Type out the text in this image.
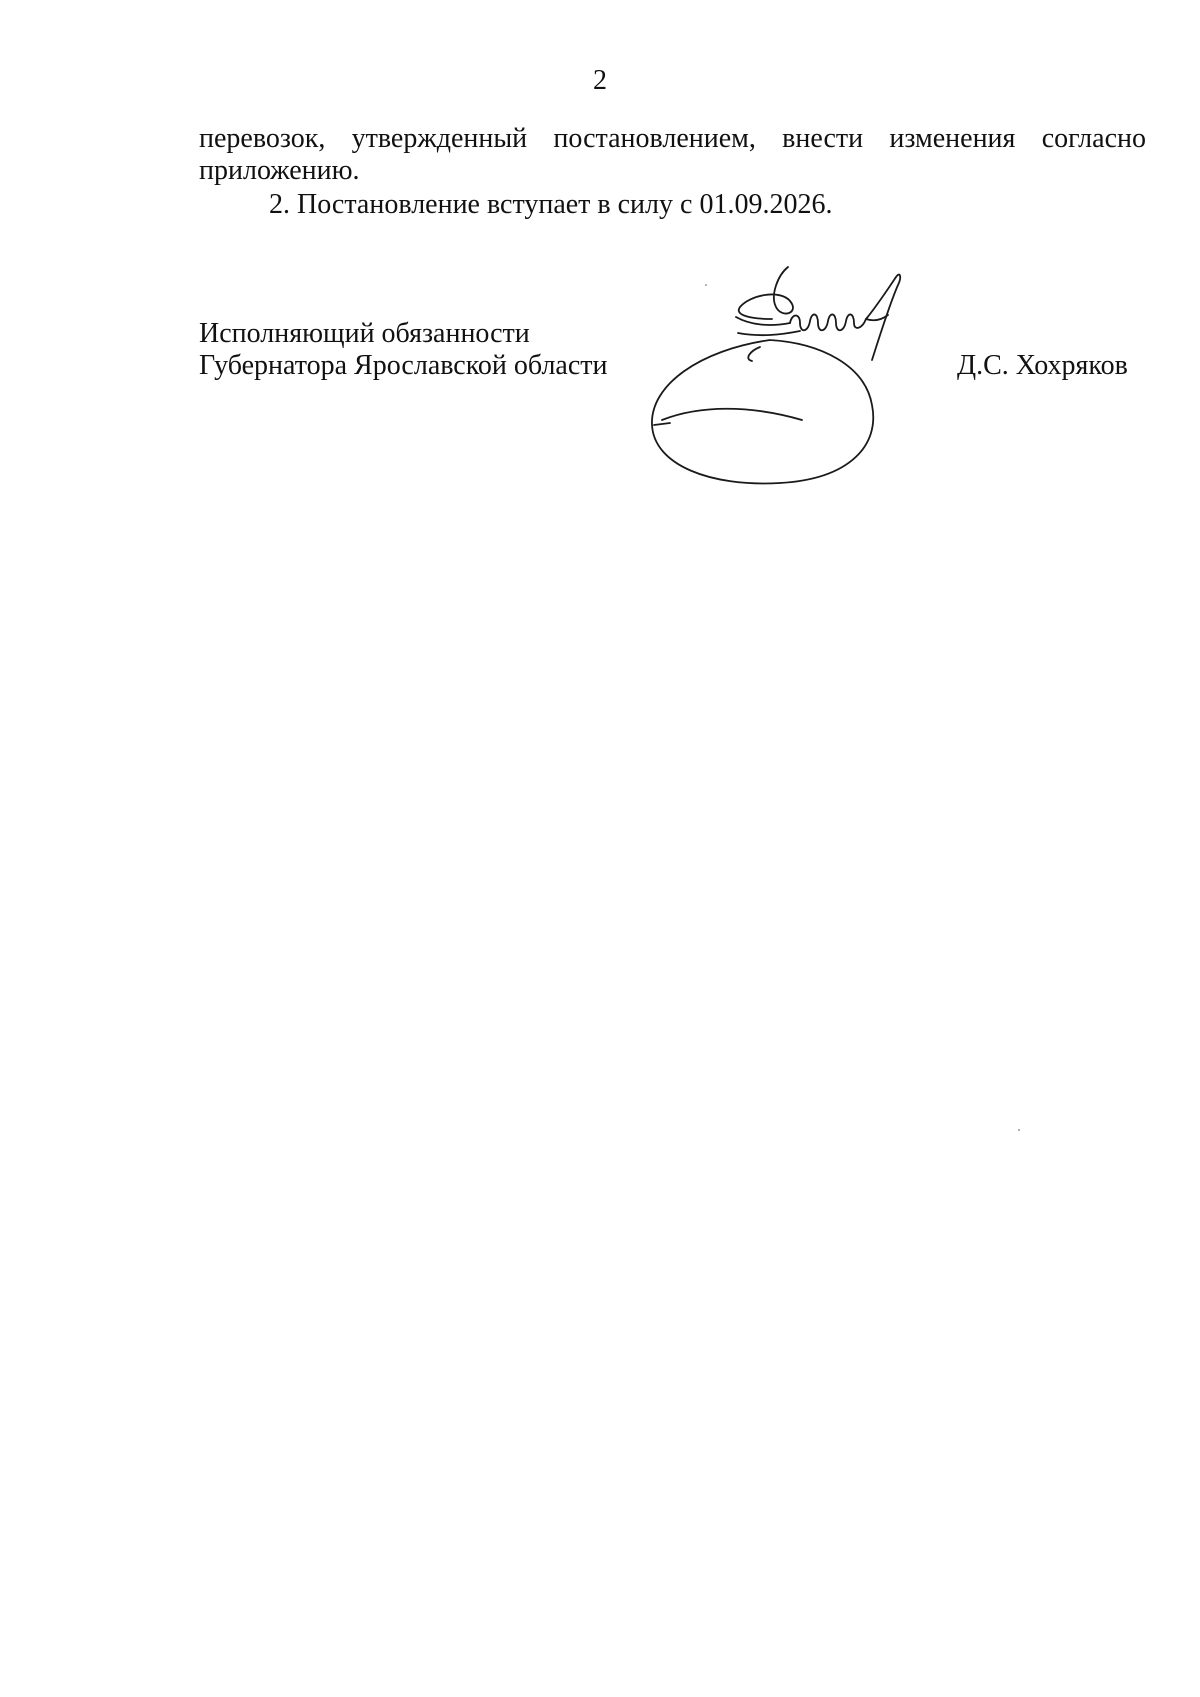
2
перевозок, утвержденный постановлением, внести изменения согласно
приложению.
2. Постановление вступает в силу с 01.09.2026.
Исполняющий обязанности
Губернатора Ярославской области	Д.С. Хохряков
